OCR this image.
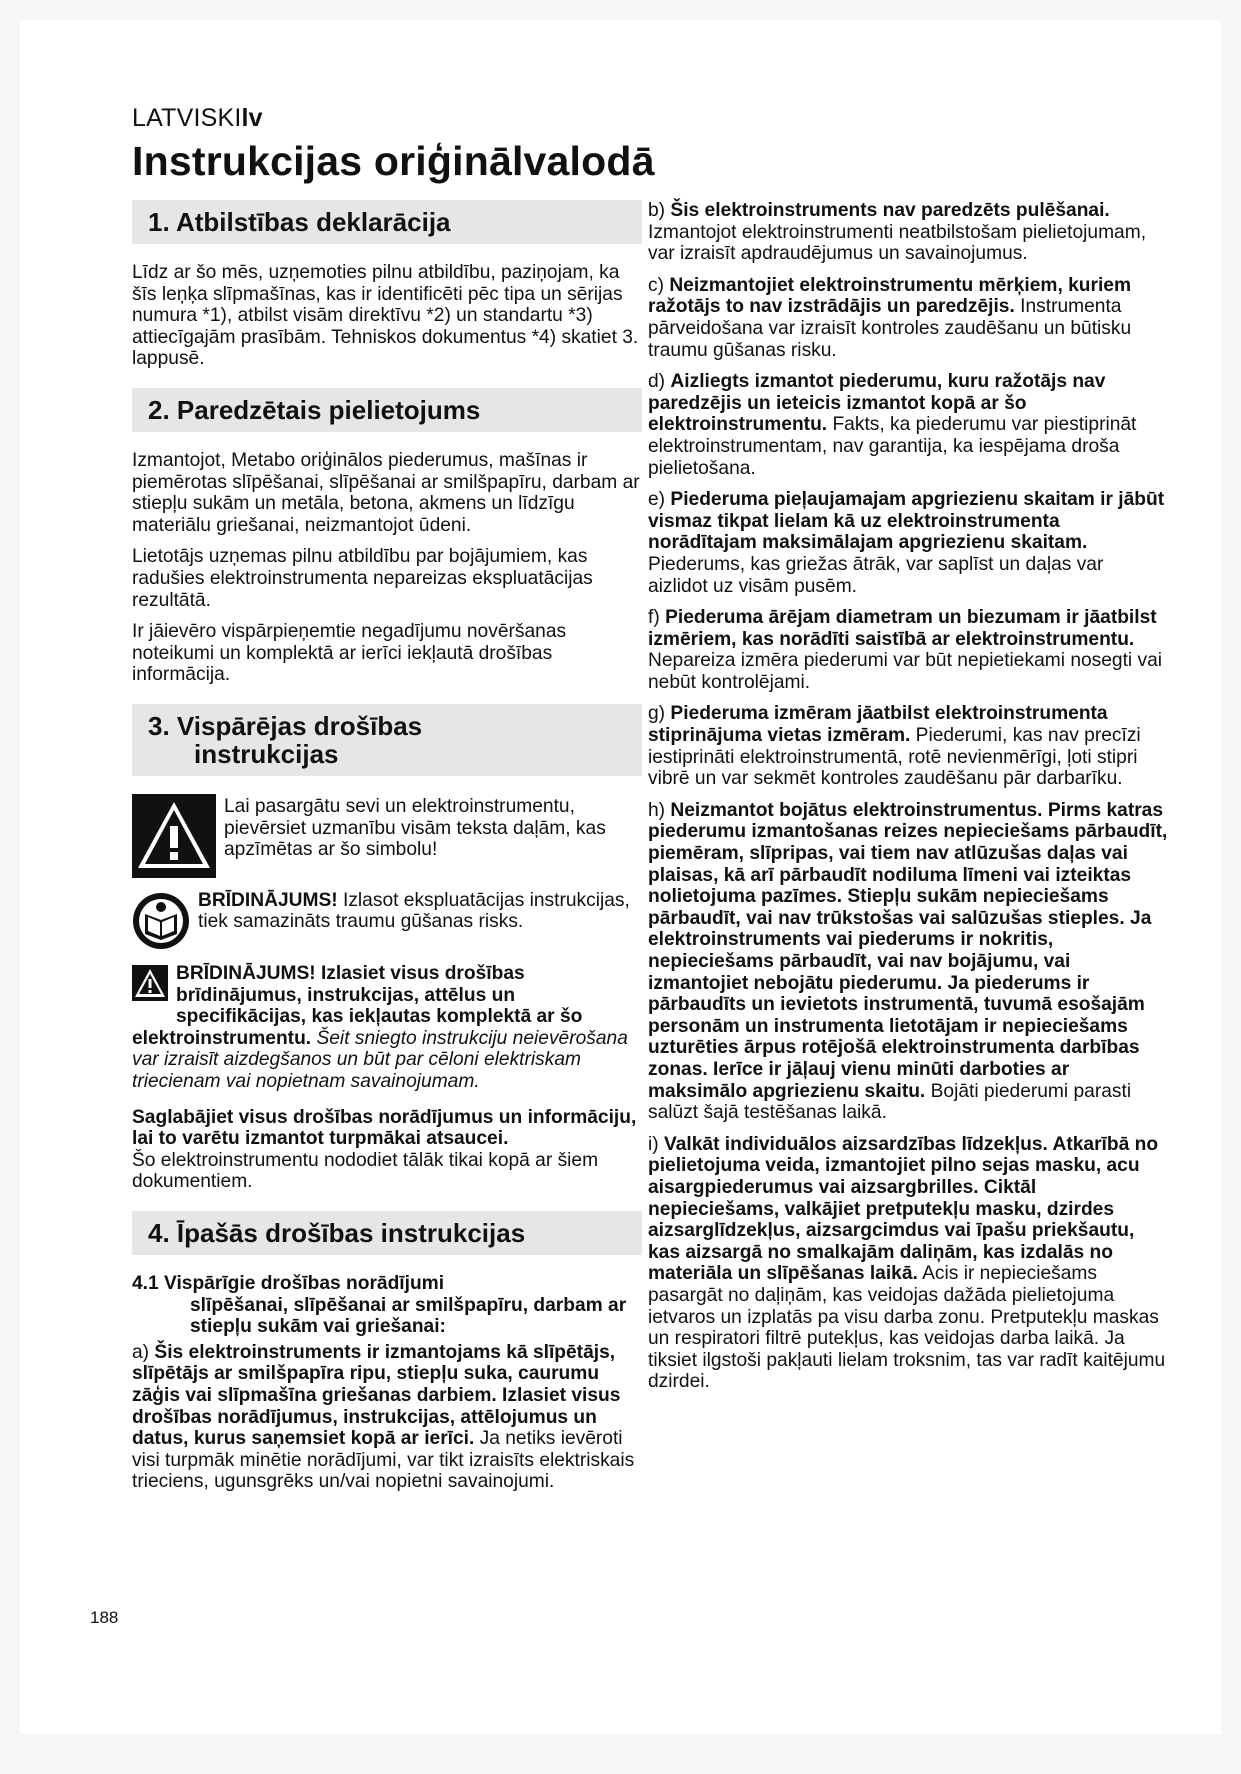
LATVISKIlv
Instrukcijas oriģinālvalodā
1. Atbilstības deklarācija

Līdz ar šo mēs, uzņemoties pilnu atbildību, paziņojam, ka šīs leņķa slīpmašīnas, kas ir identificēti pēc tipa un sērijas numura *1), atbilst visām direktīvu *2) un standartu *3) attiecīgajām prasībām. Tehniskos dokumentus *4) skatiet 3. lappusē.

2. Paredzētais pielietojums

Izmantojot, Metabo oriģinālos piederumus, mašīnas ir piemērotas slīpēšanai, slīpēšanai ar smilšpapīru, darbam ar stiepļu sukām un metāla, betona, akmens un līdzīgu materiālu griešanai, neizmantojot ūdeni.

Lietotājs uzņemas pilnu atbildību par bojājumiem, kas radušies elektroinstrumenta nepareizas ekspluatācijas rezultātā.

Ir jāievēro vispārpieņemtie negadījumu novēršanas noteikumi un komplektā ar ierīci iekļautā drošības informācija.

3. Vispārējas drošības
instrukcijas
Lai pasargātu sevi un elektroinstrumentu, pievērsiet uzmanību visām teksta daļām, kas apzīmētas ar šo simbolu!
BRĪDINĀJUMS! Izlasot ekspluatācijas instrukcijas, tiek samazināts traumu gūšanas risks.

BRĪDINĀJUMS! Izlasiet visus drošības brīdinājumus, instrukcijas, attēlus un specifikācijas, kas iekļautas komplektā ar šo elektroinstrumentu. Šeit sniegto instrukciju neievērošana var izraisīt aizdegšanos un būt par cēloni elektriskam triecienam vai nopietnam savainojumam.

Saglabājiet visus drošības norādījumus un informāciju, lai to varētu izmantot turpmākai atsaucei.
Šo elektroinstrumentu nododiet tālāk tikai kopā ar šiem dokumentiem.

4. Īpašās drošības instrukcijas
4.1 Vispārīgie drošības norādījumi
slīpēšanai, slīpēšanai ar smilšpapīru, darbam ar stiepļu sukām vai griešanai:

a) Šis elektroinstruments ir izmantojams kā slīpētājs, slīpētājs ar smilšpapīra ripu, stiepļu suka, caurumu zāģis vai slīpmašīna griešanas darbiem. Izlasiet visus drošības norādījumus, instrukcijas, attēlojumus un datus, kurus saņemsiet kopā ar ierīci. Ja netiks ievēroti visi turpmāk minētie norādījumi, var tikt izraisīts elektriskais trieciens, ugunsgrēks un/vai nopietni savainojumi.

b) Šis elektroinstruments nav paredzēts pulēšanai. Izmantojot elektroinstrumenti neatbilstošam pielietojumam, var izraisīt apdraudējumus un savainojumus.

c) Neizmantojiet elektroinstrumentu mērķiem, kuriem ražotājs to nav izstrādājis un paredzējis. Instrumenta pārveidošana var izraisīt kontroles zaudēšanu un būtisku traumu gūšanas risku.

d) Aizliegts izmantot piederumu, kuru ražotājs nav paredzējis un ieteicis izmantot kopā ar šo elektroinstrumentu. Fakts, ka piederumu var piestiprināt elektroinstrumentam, nav garantija, ka iespējama droša pielietošana.

e) Piederuma pieļaujamajam apgriezienu skaitam ir jābūt vismaz tikpat lielam kā uz elektroinstrumenta norādītajam maksimālajam apgriezienu skaitam. Piederums, kas griežas ātrāk, var saplīst un daļas var aizlidot uz visām pusēm.

f) Piederuma ārējam diametram un biezumam ir jāatbilst izmēriem, kas norādīti saistībā ar elektroinstrumentu. Nepareiza izmēra piederumi var būt nepietiekami nosegti vai nebūt kontrolējami.

g) Piederuma izmēram jāatbilst elektroinstrumenta stiprinājuma vietas izmēram. Piederumi, kas nav precīzi iestiprināti elektroinstrumentā, rotē nevienmērīgi, ļoti stipri vibrē un var sekmēt kontroles zaudēšanu pār darbarīku.

h) Neizmantot bojātus elektroinstrumentus. Pirms katras piederumu izmantošanas reizes nepieciešams pārbaudīt, piemēram, slīpripas, vai tiem nav atlūzušas daļas vai plaisas, kā arī pārbaudīt nodiluma līmeni vai izteiktas nolietojuma pazīmes. Stiepļu sukām nepieciešams pārbaudīt, vai nav trūkstošas vai salūzušas stieples. Ja elektroinstruments vai piederums ir nokritis, nepieciešams pārbaudīt, vai nav bojājumu, vai izmantojiet nebojātu piederumu. Ja piederums ir pārbaudīts un ievietots instrumentā, tuvumā esošajām personām un instrumenta lietotājam ir nepieciešams uzturēties ārpus rotējošā elektroinstrumenta darbības zonas. Ierīce ir jāļauj vienu minūti darboties ar maksimālo apgriezienu skaitu. Bojāti piederumi parasti salūzt šajā testēšanas laikā.

i) Valkāt individuālos aizsardzības līdzekļus. Atkarībā no pielietojuma veida, izmantojiet pilno sejas masku, acu aisargpiederumus vai aizsargbrilles. Ciktāl nepieciešams, valkājiet pretputekļu masku, dzirdes aizsarglīdzekļus, aizsargcimdus vai īpašu priekšautu, kas aizsargā no smalkajām daliņām, kas izdalās no materiāla un slīpēšanas laikā. Acis ir nepieciešams pasargāt no daļiņām, kas veidojas dažāda pielietojuma ietvaros un izplatās pa visu darba zonu. Pretputekļu maskas un respiratori filtrē putekļus, kas veidojas darba laikā. Ja tiksiet ilgstoši pakļauti lielam troksnim, tas var radīt kaitējumu dzirdei.

188
